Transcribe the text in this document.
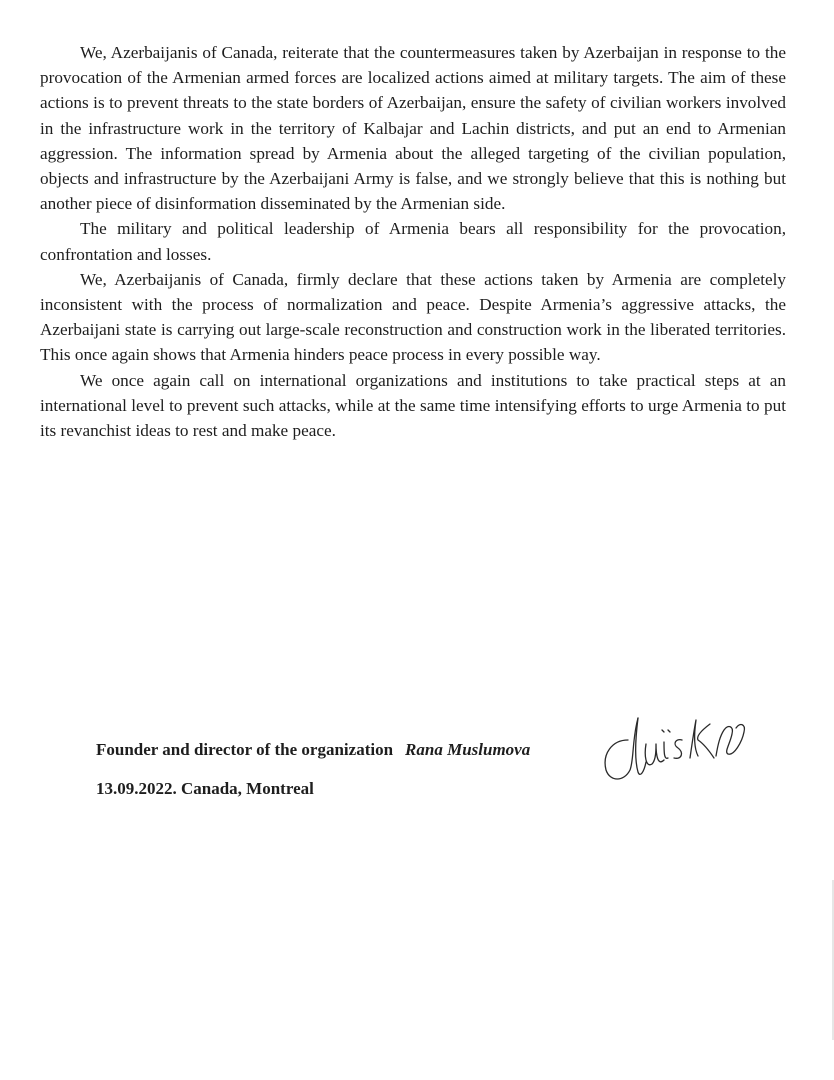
We, Azerbaijanis of Canada, reiterate that the countermeasures taken by Azerbaijan in response to the provocation of the Armenian armed forces are localized actions aimed at military targets. The aim of these actions is to prevent threats to the state borders of Azerbaijan, ensure the safety of civilian workers involved in the infrastructure work in the territory of Kalbajar and Lachin districts, and put an end to Armenian aggression. The information spread by Armenia about the alleged targeting of the civilian population, objects and infrastructure by the Azerbaijani Army is false, and we strongly believe that this is nothing but another piece of disinformation disseminated by the Armenian side.

The military and political leadership of Armenia bears all responsibility for the provocation, confrontation and losses.

We, Azerbaijanis of Canada, firmly declare that these actions taken by Armenia are completely inconsistent with the process of normalization and peace. Despite Armenia’s aggressive attacks, the Azerbaijani state is carrying out large-scale reconstruction and construction work in the liberated territories. This once again shows that Armenia hinders peace process in every possible way.

We once again call on international organizations and institutions to take practical steps at an international level to prevent such attacks, while at the same time intensifying efforts to urge Armenia to put its revanchist ideas to rest and make peace.

Founder and director of the organization Rana Muslumova
13.09.2022. Canada, Montreal
